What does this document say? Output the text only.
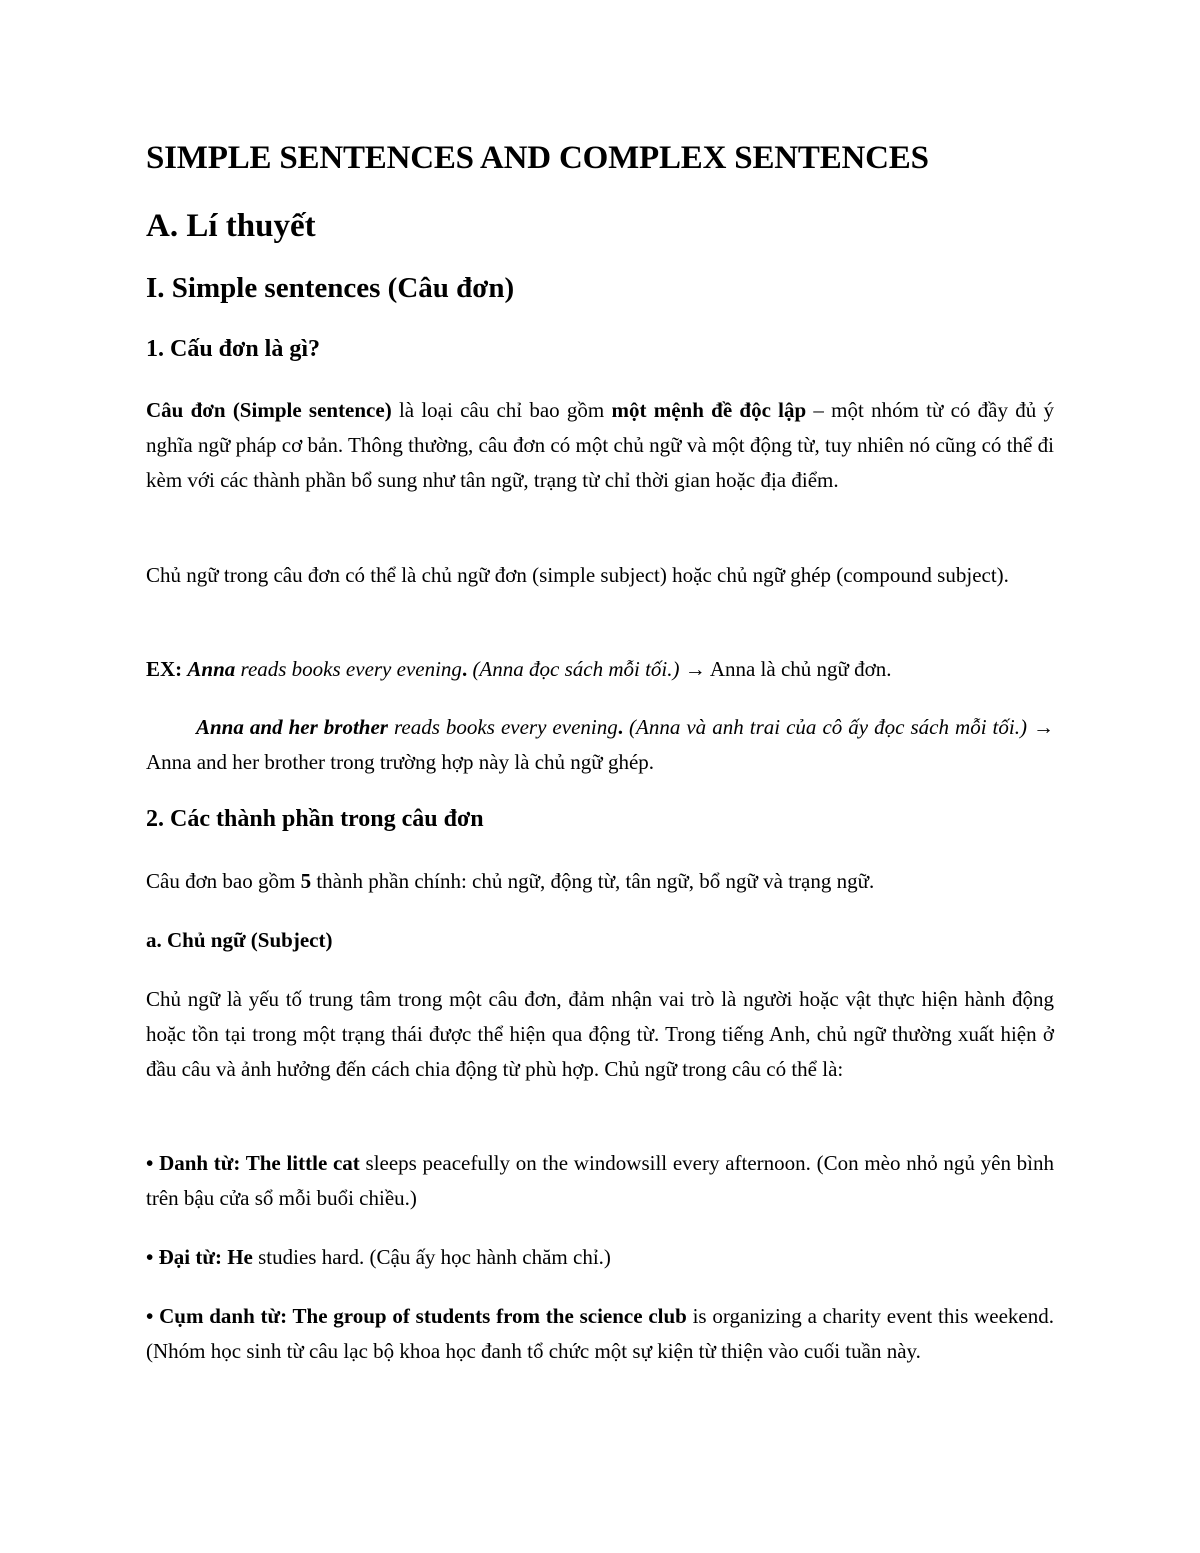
SIMPLE SENTENCES AND COMPLEX SENTENCES
A. Lí thuyết
I. Simple sentences (Câu đơn)
1. Cấu đơn là gì?

Câu đơn (Simple sentence) là loại câu chỉ bao gồm một mệnh đề độc lập – một nhóm từ có đầy đủ ý nghĩa ngữ pháp cơ bản. Thông thường, câu đơn có một chủ ngữ và một động từ, tuy nhiên nó cũng có thể đi kèm với các thành phần bổ sung như tân ngữ, trạng từ chỉ thời gian hoặc địa điểm.

Chủ ngữ trong câu đơn có thể là chủ ngữ đơn (simple subject) hoặc chủ ngữ ghép (compound subject).

EX: Anna reads books every evening. (Anna đọc sách mỗi tối.) → Anna là chủ ngữ đơn.

Anna and her brother reads books every evening. (Anna và anh trai của cô ấy đọc sách mỗi tối.) → Anna and her brother trong trường hợp này là chủ ngữ ghép.

2. Các thành phần trong câu đơn

Câu đơn bao gồm 5 thành phần chính: chủ ngữ, động từ, tân ngữ, bổ ngữ và trạng ngữ.

a. Chủ ngữ (Subject)

Chủ ngữ là yếu tố trung tâm trong một câu đơn, đảm nhận vai trò là người hoặc vật thực hiện hành động hoặc tồn tại trong một trạng thái được thể hiện qua động từ. Trong tiếng Anh, chủ ngữ thường xuất hiện ở đầu câu và ảnh hưởng đến cách chia động từ phù hợp. Chủ ngữ trong câu có thể là:

• Danh từ: The little cat sleeps peacefully on the windowsill every afternoon. (Con mèo nhỏ ngủ yên bình trên bậu cửa sổ mỗi buổi chiều.)

• Đại từ: He studies hard. (Cậu ấy học hành chăm chỉ.)

• Cụm danh từ: The group of students from the science club is organizing a charity event this weekend. (Nhóm học sinh từ câu lạc bộ khoa học đanh tổ chức một sự kiện từ thiện vào cuối tuần này.
